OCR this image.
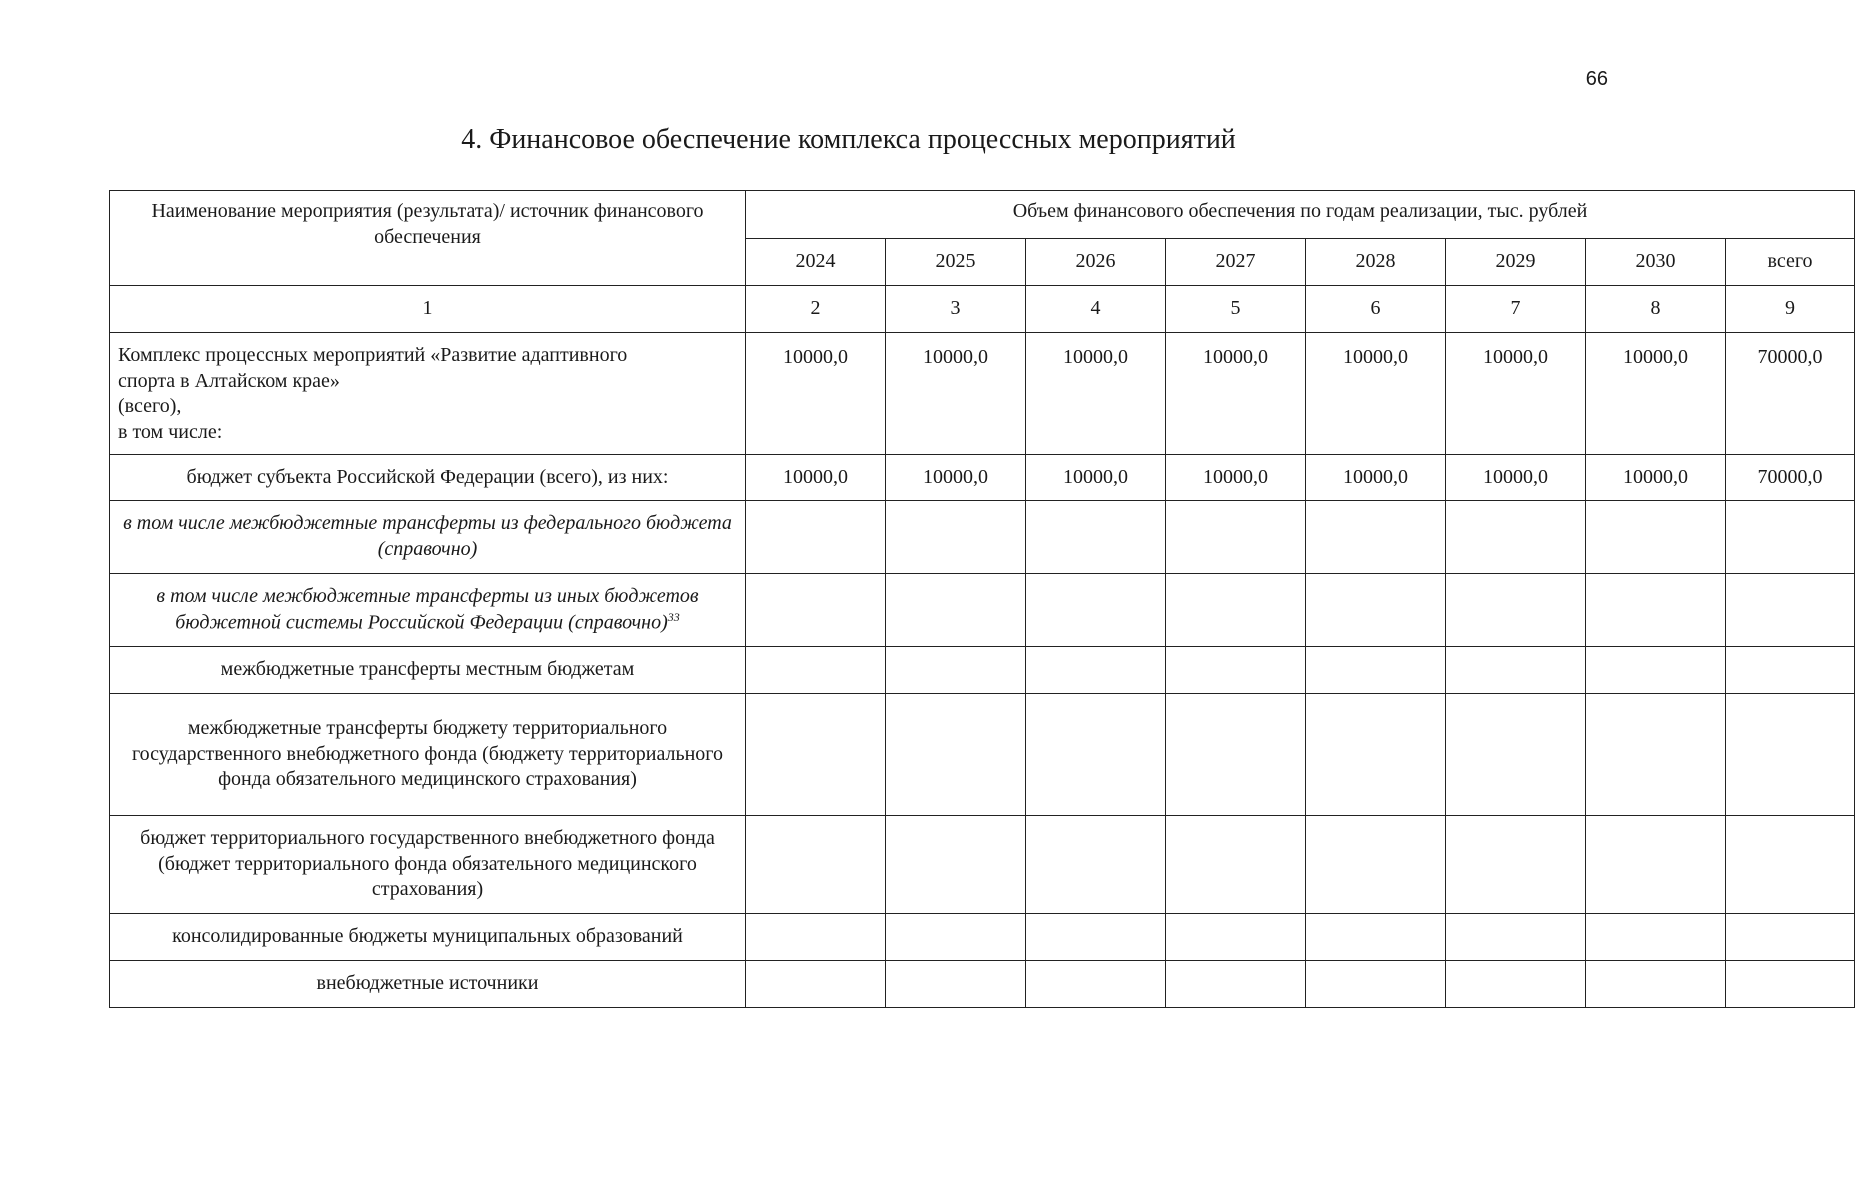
66
4. Финансовое обеспечение комплекса процессных мероприятий
Наименование мероприятия (результата)/ источник финансового обеспечения	Объем финансового обеспечения по годам реализации, тыс. рублей							
	2024	2025	2026	2027	2028	2029	2030	всего
1	2	3	4	5	6	7	8	9
Комплекс процессных мероприятий «Развитие адаптивного
спорта в Алтайском крае»
(всего),
в том числе:	10000,0	10000,0	10000,0	10000,0	10000,0	10000,0	10000,0	70000,0
бюджет субъекта Российской Федерации (всего), из них:	10000,0	10000,0	10000,0	10000,0	10000,0	10000,0	10000,0	70000,0
в том числе межбюджетные трансферты из федерального бюджета (справочно)								
в том числе межбюджетные трансферты из иных бюджетов бюджетной системы Российской Федерации (справочно)$^{33}$								
межбюджетные трансферты местным бюджетам								
межбюджетные трансферты бюджету территориального государственного внебюджетного фонда (бюджету территориального фонда обязательного медицинского страхования)								
бюджет территориального государственного внебюджетного фонда (бюджет территориального фонда обязательного медицинского страхования)								
консолидированные бюджеты муниципальных образований								
внебюджетные источники								
